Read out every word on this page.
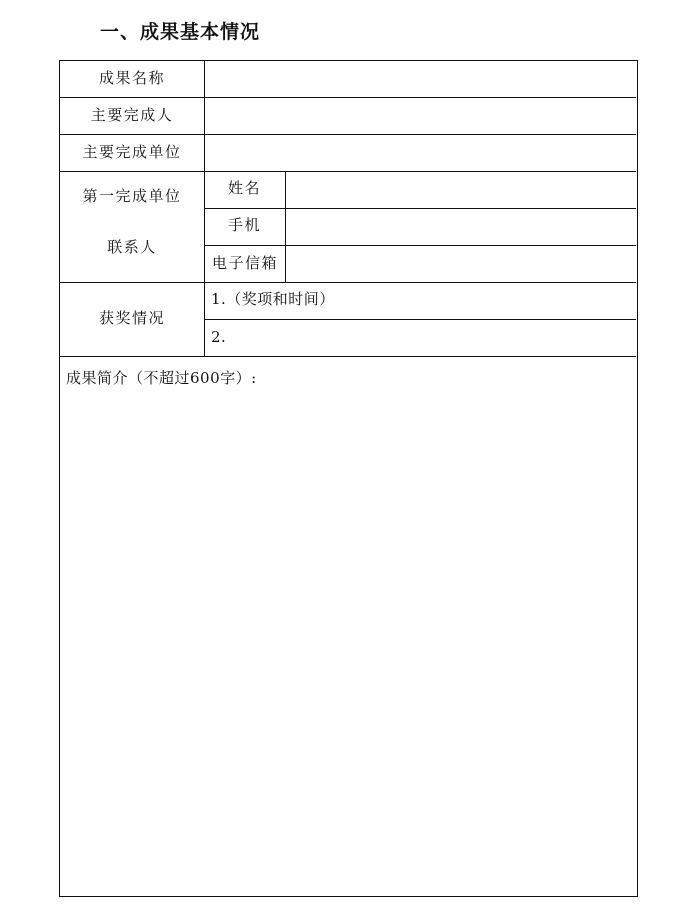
一、成果基本情况
成果名称
主要完成人
主要完成单位
第一完成单位
联系人
姓名
手机
电子信箱
获奖情况
1.（奖项和时间）
2.
成果简介（不超过600字）:
